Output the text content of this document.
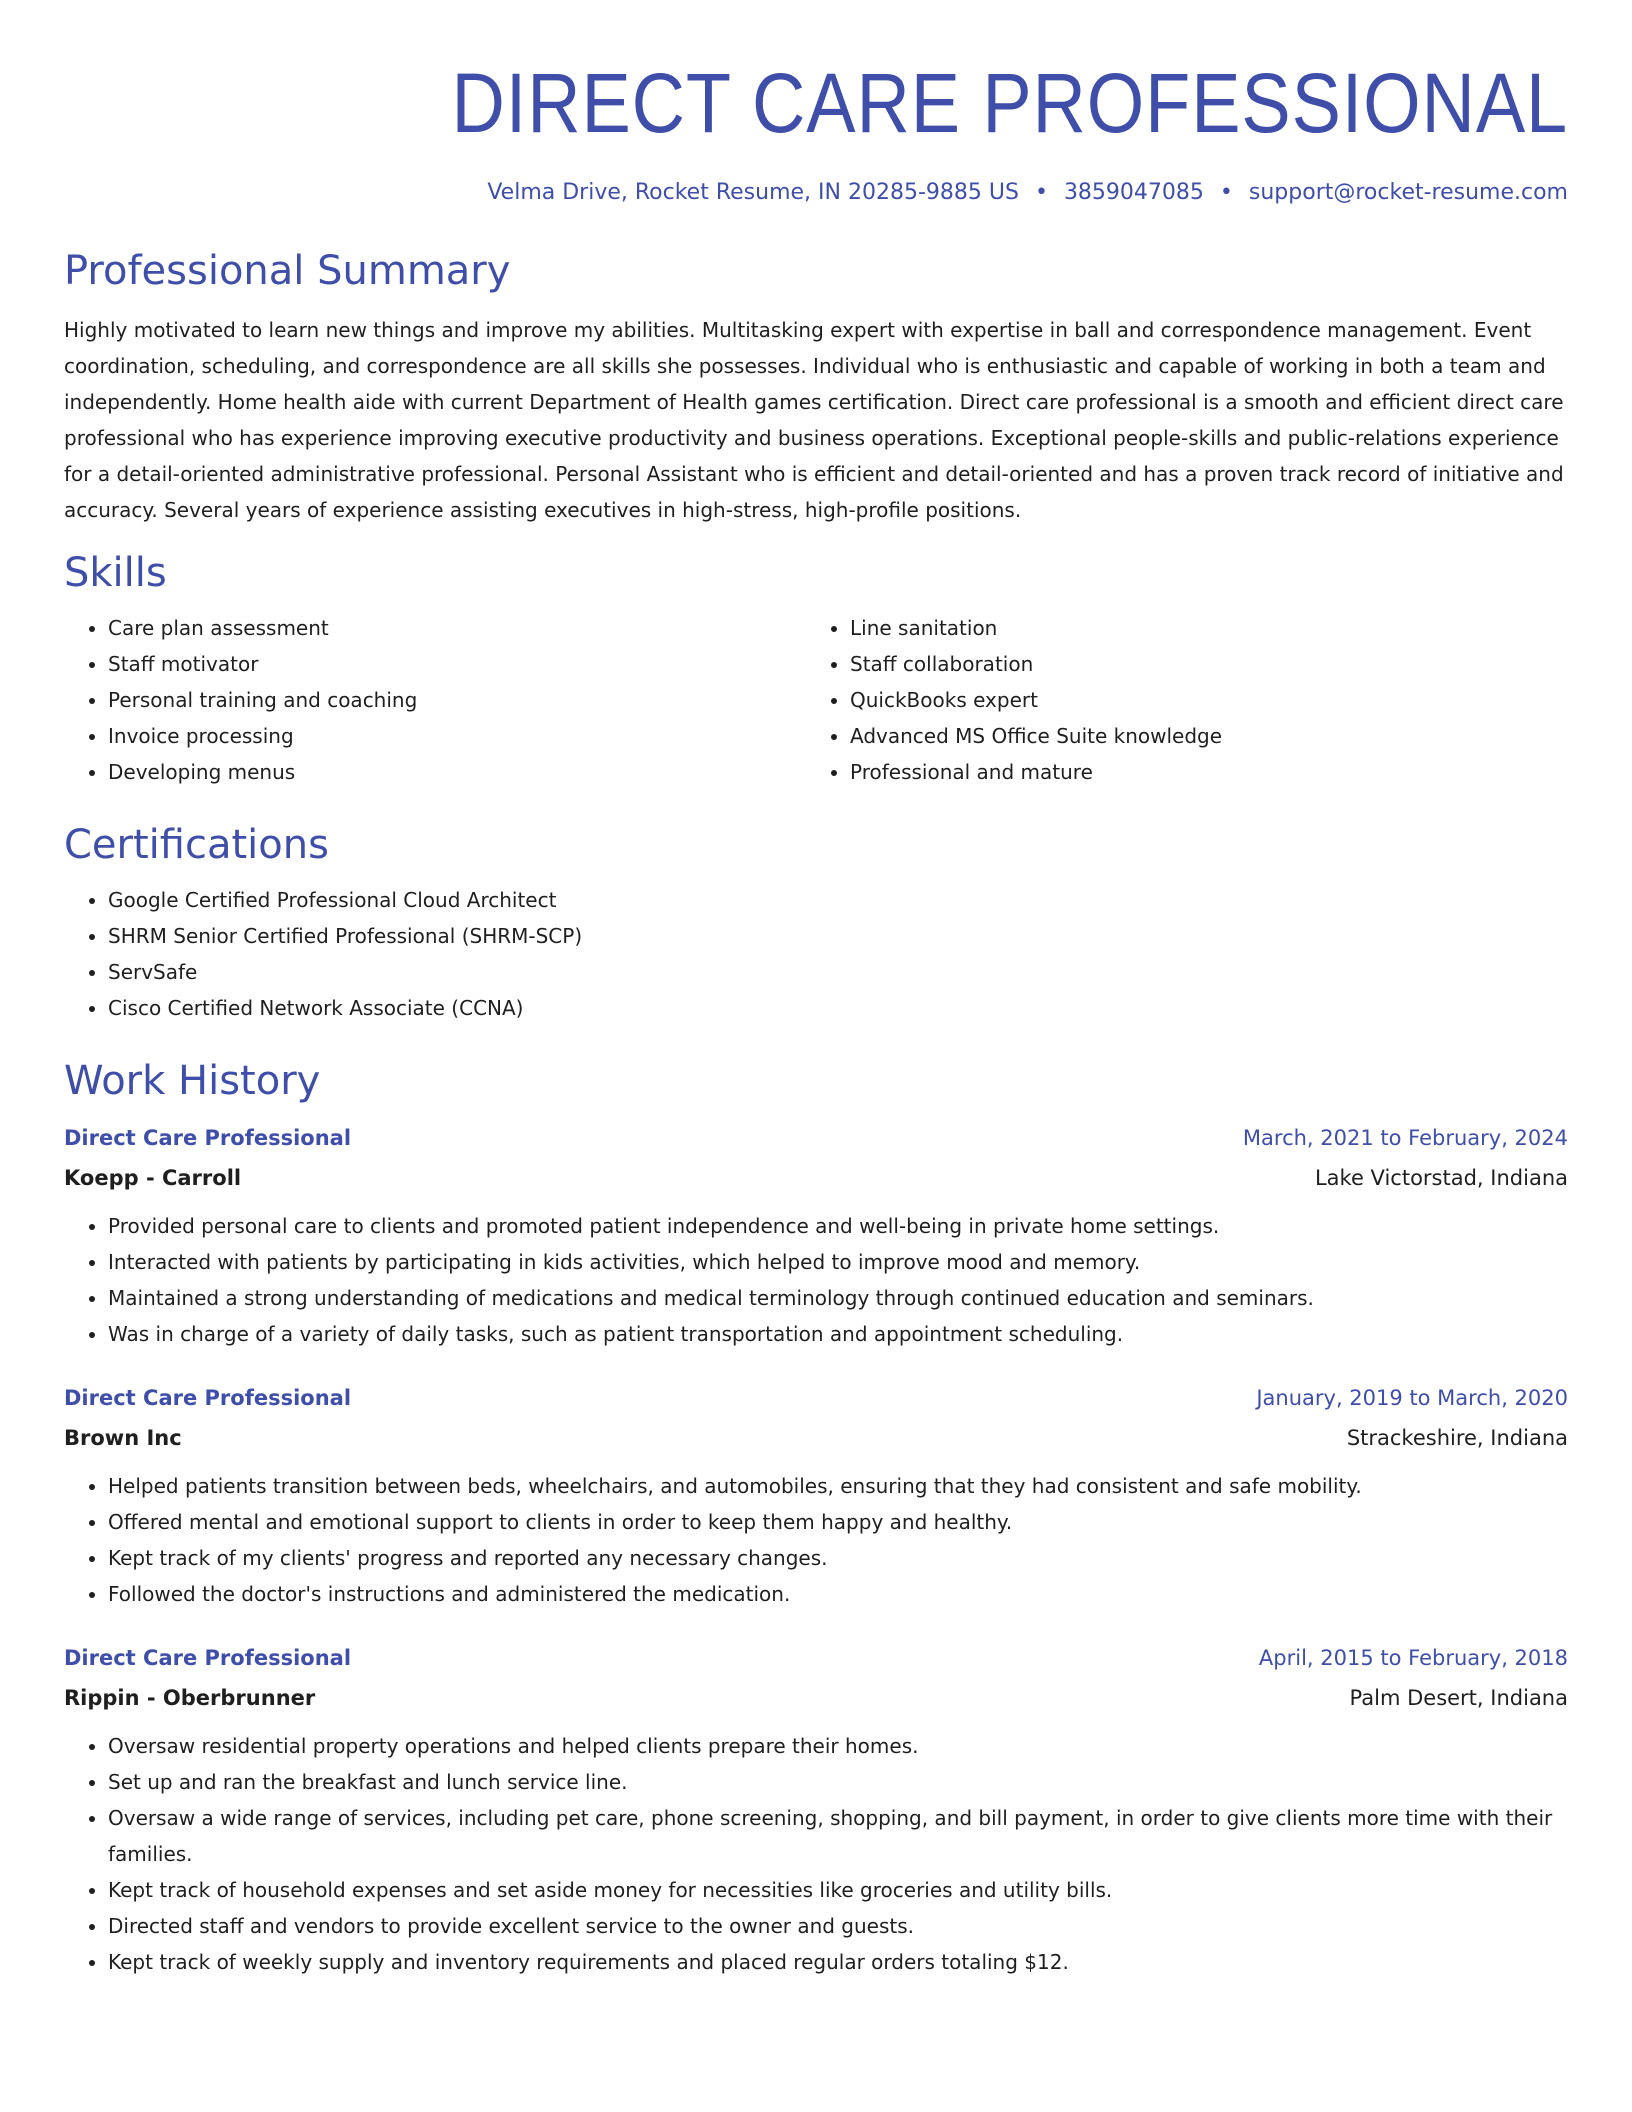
DIRECT CARE PROFESSIONAL
Velma Drive, Rocket Resume, IN 20285-9885 US • 3859047085 • support@rocket-resume.com
Professional Summary

Highly motivated to learn new things and improve my abilities. Multitasking expert with expertise in ball and correspondence management. Event coordination, scheduling, and correspondence are all skills she possesses. Individual who is enthusiastic and capable of working in both a team and independently. Home health aide with current Department of Health games certification. Direct care professional is a smooth and efficient direct care professional who has experience improving executive productivity and business operations. Exceptional people-skills and public-relations experience for a detail-oriented administrative professional. Personal Assistant who is efficient and detail-oriented and has a proven track record of initiative and accuracy. Several years of experience assisting executives in high-stress, high-profile positions.

Skills
• Care plan assessment
• Staff motivator
• Personal training and coaching
• Invoice processing
• Developing menus
• Line sanitation
• Staff collaboration
• QuickBooks expert
• Advanced MS Office Suite knowledge
• Professional and mature
Certifications
• Google Certified Professional Cloud Architect
• SHRM Senior Certified Professional (SHRM-SCP)
• ServSafe
• Cisco Certified Network Associate (CCNA)
Work History
Direct Care Professional	March, 2021 to February, 2024
Koepp - Carroll	Lake Victorstad, Indiana
• Provided personal care to clients and promoted patient independence and well-being in private home settings.
• Interacted with patients by participating in kids activities, which helped to improve mood and memory.
• Maintained a strong understanding of medications and medical terminology through continued education and seminars.
• Was in charge of a variety of daily tasks, such as patient transportation and appointment scheduling.
Direct Care Professional	January, 2019 to March, 2020
Brown Inc	Strackeshire, Indiana
• Helped patients transition between beds, wheelchairs, and automobiles, ensuring that they had consistent and safe mobility.
• Offered mental and emotional support to clients in order to keep them happy and healthy.
• Kept track of my clients' progress and reported any necessary changes.
• Followed the doctor's instructions and administered the medication.
Direct Care Professional	April, 2015 to February, 2018
Rippin - Oberbrunner	Palm Desert, Indiana
• Oversaw residential property operations and helped clients prepare their homes.
• Set up and ran the breakfast and lunch service line.
• Oversaw a wide range of services, including pet care, phone screening, shopping, and bill payment, in order to give clients more time with their families.
• Kept track of household expenses and set aside money for necessities like groceries and utility bills.
• Directed staff and vendors to provide excellent service to the owner and guests.
• Kept track of weekly supply and inventory requirements and placed regular orders totaling $12.
